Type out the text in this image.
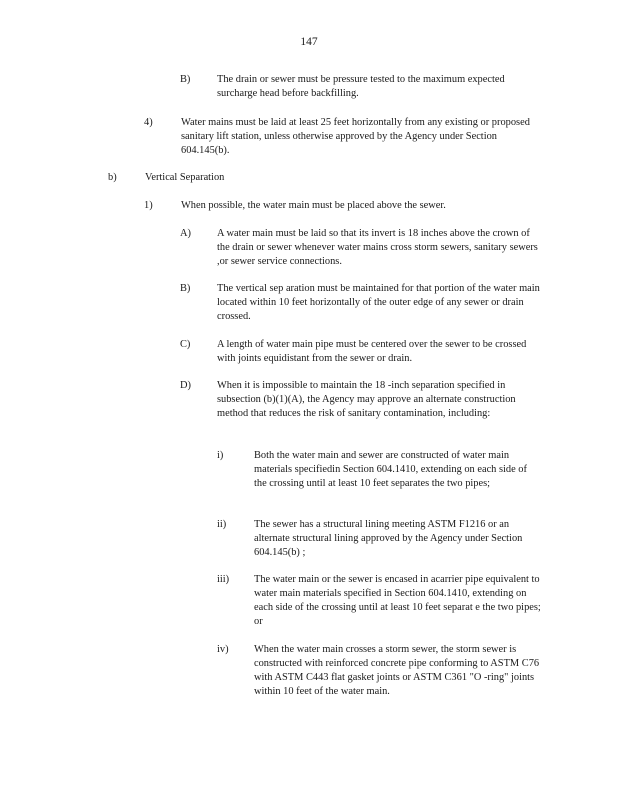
147
B)	The drain or sewer must be pressure tested to the maximum expected surcharge head before backfilling.
4)	Water mains must be laid at least 25 feet horizontally from any existing or proposed sanitary lift station, unless otherwise approved by the Agency under Section 604.145(b).
b)	Vertical Separation
1)	When possible, the water main must be placed above the sewer.
A)	A water main must be laid so that its invert is 18 inches above the crown of the drain or sewer whenever water mains cross storm sewers, sanitary sewers ,or sewer service connections.
B)	The vertical sep aration must be maintained for that portion of the water main located within 10 feet horizontally of the outer edge of any sewer or drain crossed.
C)	A length of water main pipe must be centered over the sewer to be crossed with joints equidistant from the sewer or drain.
D)	When it is impossible to maintain the 18 -inch separation specified in subsection (b)(1)(A), the Agency may approve an alternate construction method that reduces the risk of sanitary contamination, including:
i)	Both the water main and sewer are constructed of water main materials specifiedin Section 604.1410, extending on each side of the crossing until at least 10 feet separates the two pipes;
ii)	The sewer has a structural lining meeting ASTM F1216 or an alternate structural lining approved by the Agency under Section 604.145(b) ;
iii) The water main or the sewer is encased in acarrier pipe equivalent to water main materials specified in Section 604.1410, extending on each side of the crossing until at least 10 feet separat e the two pipes; or
iv) When the water main crosses a storm sewer, the storm sewer is constructed with reinforced concrete pipe conforming to ASTM C76 with ASTM C443 flat gasket joints or ASTM C361 "O -ring" joints within 10 feet of the water main.
